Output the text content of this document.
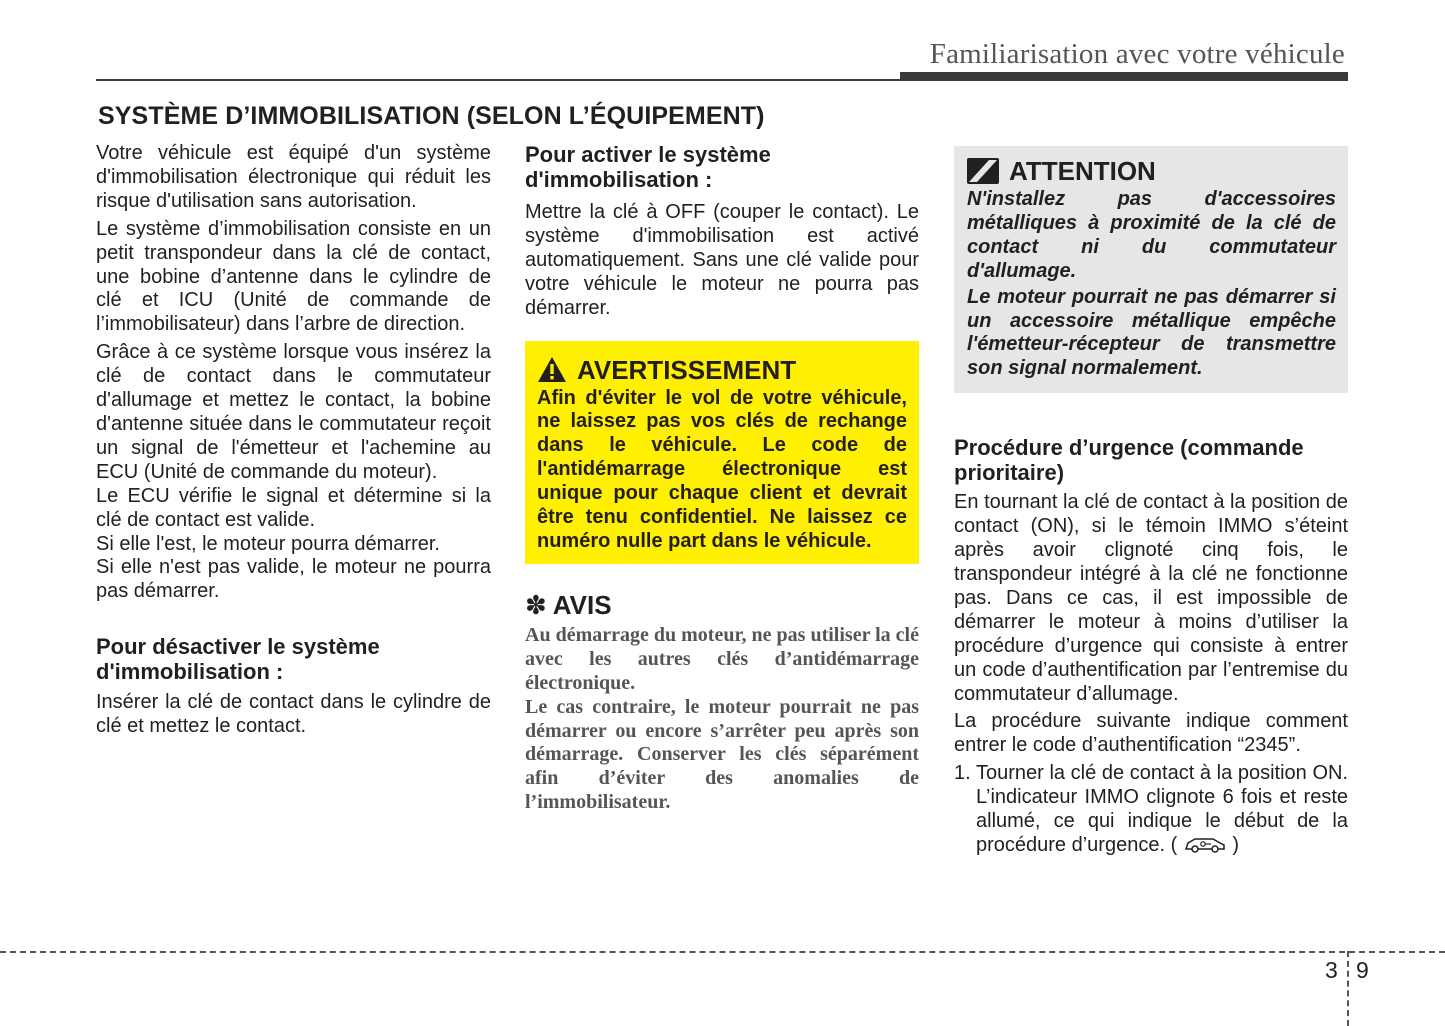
Familiarisation avec votre véhicule
SYSTÈME D’IMMOBILISATION (SELON L’ÉQUIPEMENT)

Votre véhicule est équipé d'un système d'immobilisation électronique qui réduit les risque d'utilisation sans autorisation.

Le système d’immobilisation consiste en un petit transpondeur dans la clé de contact, une bobine d’antenne dans le cylindre de clé et ICU (Unité de commande de l’immobilisateur) dans l’arbre de direction.

Grâce à ce système lorsque vous insérez la clé de contact dans le commutateur d'allumage et mettez le contact, la bobine d'antenne située dans le commutateur reçoit un signal de l'émetteur et l'achemine au ECU (Unité de commande du moteur).

Le ECU vérifie le signal et détermine si la clé de contact est valide.

Si elle l'est, le moteur pourra démarrer.

Si elle n'est pas valide, le moteur ne pourra pas démarrer.

Pour désactiver le système d'immobilisation :

Insérer la clé de contact dans le cylindre de clé et mettez le contact.

Pour activer le système d'immobilisation :

Mettre la clé à OFF (couper le contact). Le système d'immobilisation est activé automatiquement. Sans une clé valide pour votre véhicule le moteur ne pourra pas démarrer.

AVERTISSEMENT

Afin d'éviter le vol de votre véhicule, ne laissez pas vos clés de rechange dans le véhicule. Le code de l'antidémarrage électronique est unique pour chaque client et devrait être tenu confidentiel. Ne laissez ce numéro nulle part dans le véhicule.

✽ AVIS

Au démarrage du moteur, ne pas utiliser la clé avec les autres clés d’antidémarrage électronique.

Le cas contraire, le moteur pourrait ne pas démarrer ou encore s’arrêter peu après son démarrage. Conserver les clés séparément afin d’éviter des anomalies de l’immobilisateur.

ATTENTION

N'installez pas d'accessoires métalliques à proximité de la clé de contact ni du commutateur d'allumage.

Le moteur pourrait ne pas démarrer si un accessoire métallique empêche l'émetteur-récepteur de transmettre son signal normalement.

Procédure d’urgence (commande prioritaire)

En tournant la clé de contact à la position de contact (ON), si le témoin IMMO s’éteint après avoir clignoté cinq fois, le transpondeur intégré à la clé ne fonctionne pas. Dans ce cas, il est impossible de démarrer le moteur à moins d’utiliser la procédure d’urgence qui consiste à entrer un code d’authentification par l’entremise du commutateur d’allumage.

La procédure suivante indique comment entrer le code d’authentification “2345”.

1. Tourner la clé de contact à la position ON. L’indicateur IMMO clignote 6 fois et reste allumé, ce qui indique le début de la procédure d’urgence. (	)
3 9
